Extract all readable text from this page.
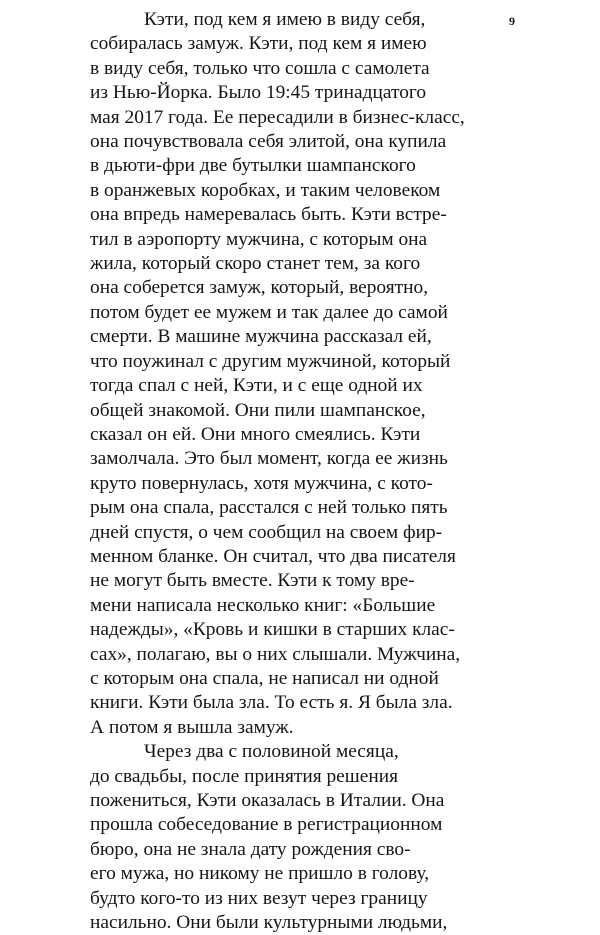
9
Кэти, под кем я имею в виду себя,
собиралась замуж. Кэти, под кем я имею
в виду себя, только что сошла с самолета
из Нью-Йорка. Было 19:45 тринадцатого
мая 2017 года. Ее пересадили в бизнес-класс,
она почувствовала себя элитой, она купила
в дьюти-фри две бутылки шампанского
в оранжевых коробках, и таким человеком
она впредь намеревалась быть. Кэти встре-
тил в аэропорту мужчина, с которым она
жила, который скоро станет тем, за кого
она соберется замуж, который, вероятно,
потом будет ее мужем и так далее до самой
смерти. В машине мужчина рассказал ей,
что поужинал с другим мужчиной, который
тогда спал с ней, Кэти, и с еще одной их
общей знакомой. Они пили шампанское,
сказал он ей. Они много смеялись. Кэти
замолчала. Это был момент, когда ее жизнь
круто повернулась, хотя мужчина, с кото-
рым она спала, расстался с ней только пять
дней спустя, о чем сообщил на своем фир-
менном бланке. Он считал, что два писателя
не могут быть вместе. Кэти к тому вре-
мени написала несколько книг: «Большие
надежды», «Кровь и кишки в старших клас-
сах», полагаю, вы о них слышали. Мужчина,
с которым она спала, не написал ни одной
книги. Кэти была зла. То есть я. Я была зла.
А потом я вышла замуж.
Через два с половиной месяца,
до свадьбы, после принятия решения
пожениться, Кэти оказалась в Италии. Она
прошла собеседование в регистрационном
бюро, она не знала дату рождения сво-
его мужа, но никому не пришло в голову,
будто кого-то из них везут через границу
насильно. Они были культурными людьми,
